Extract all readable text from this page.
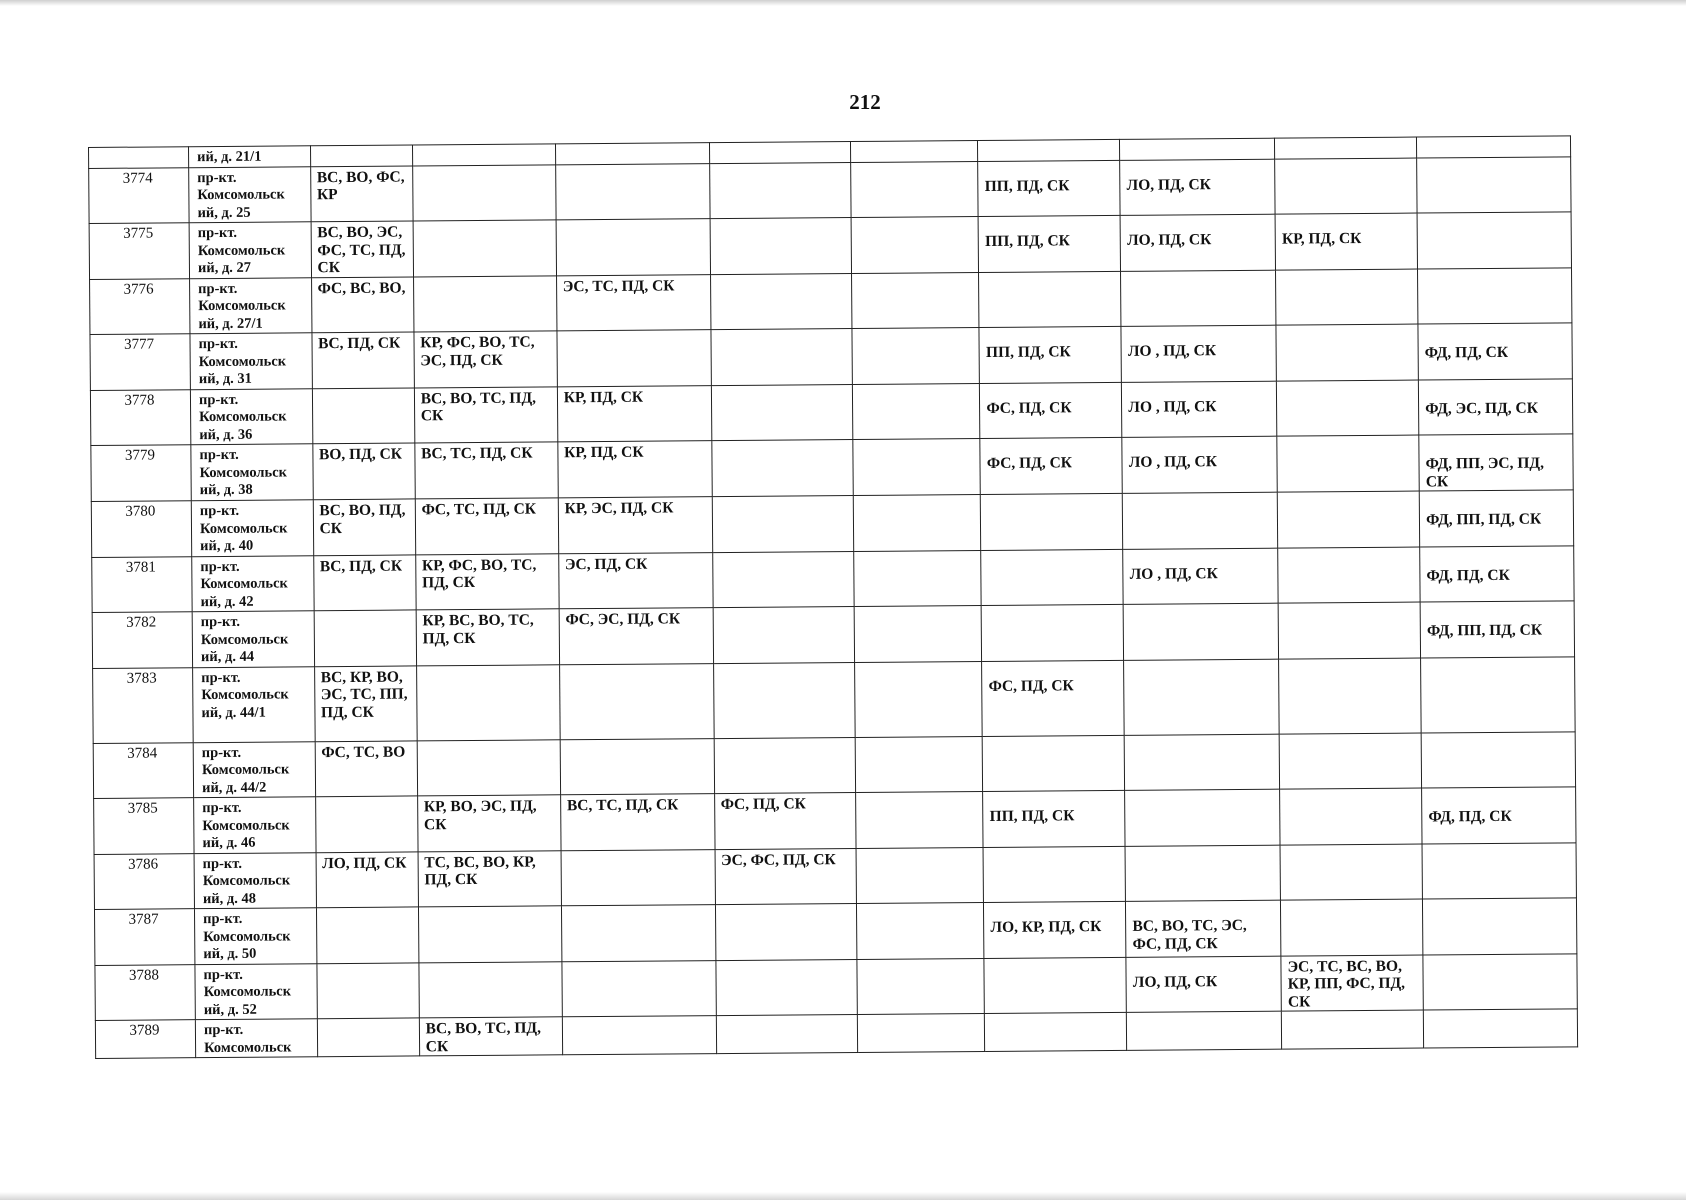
212
	ий, д. 21/1									
3774	пр-кт.
Комсомольск
ий, д. 25	ВС, ВО, ФС, КР					ПП, ПД, СК	ЛО, ПД, СК		

3775	пр-кт.
Комсомольск
ий, д. 27	ВС, ВО, ЭС, ФС, ТС, ПД, СК					ПП, ПД, СК	ЛО, ПД, СК	КР, ПД, СК	

3776	пр-кт.
Комсомольск
ий, д. 27/1	ФС, ВС, ВО,		ЭС, ТС, ПД, СК			

3777	пр-кт.
Комсомольск
ий, д. 31	ВС, ПД, СК	КР, ФС, ВО, ТС, ЭС, ПД, СК				ПП, ПД, СК	ЛО , ПД, СК		ФД, ПД, СК

3778	пр-кт.
Комсомольск
ий, д. 36		ВС, ВО, ТС, ПД, СК	КР, ПД, СК			ФС, ПД, СК	ЛО , ПД, СК		ФД, ЭС, ПД, СК

3779	пр-кт.
Комсомольск
ий, д. 38	ВО, ПД, СК	ВС, ТС, ПД, СК	КР, ПД, СК			ФС, ПД, СК	ЛО , ПД, СК		ФД, ПП, ЭС, ПД, СК

3780	пр-кт.
Комсомольск
ий, д. 40	ВС, ВО, ПД, СК	ФС, ТС, ПД, СК	КР, ЭС, ПД, СК						ФД, ПП, ПД, СК

3781	пр-кт.
Комсомольск
ий, д. 42	ВС, ПД, СК	КР, ФС, ВО, ТС, ПД, СК	ЭС, ПД, СК				ЛО , ПД, СК		ФД, ПД, СК

3782	пр-кт.
Комсомольск
ий, д. 44		КР, ВС, ВО, ТС, ПД, СК	ФС, ЭС, ПД, СК						ФД, ПП, ПД, СК

3783	пр-кт.
Комсомольск
ий, д. 44/1	ВС, КР, ВО, ЭС, ТС, ПП, ПД, СК					ФС, ПД, СК			

3784	пр-кт.
Комсомольск
ий, д. 44/2	ФС, ТС, ВО					

3785	пр-кт.
Комсомольск
ий, д. 46		КР, ВО, ЭС, ПД, СК	ВС, ТС, ПД, СК	ФС, ПД, СК		ПП, ПД, СК			ФД, ПД, СК

3786	пр-кт.
Комсомольск
ий, д. 48	ЛО, ПД, СК	ТС, ВС, ВО, КР, ПД, СК		ЭС, ФС, ПД, СК		

3787	пр-кт.
Комсомольск
ий, д. 50						ЛО, КР, ПД, СК	ВС, ВО, ТС, ЭС, ФС, ПД, СК		

3788	пр-кт.
Комсомольск
ий, д. 52							ЛО, ПД, СК	ЭС, ТС, ВС, ВО, КР, ПП, ФС, ПД, СК	

3789	пр-кт.
Комсомольск		ВС, ВО, ТС, ПД, СК				
